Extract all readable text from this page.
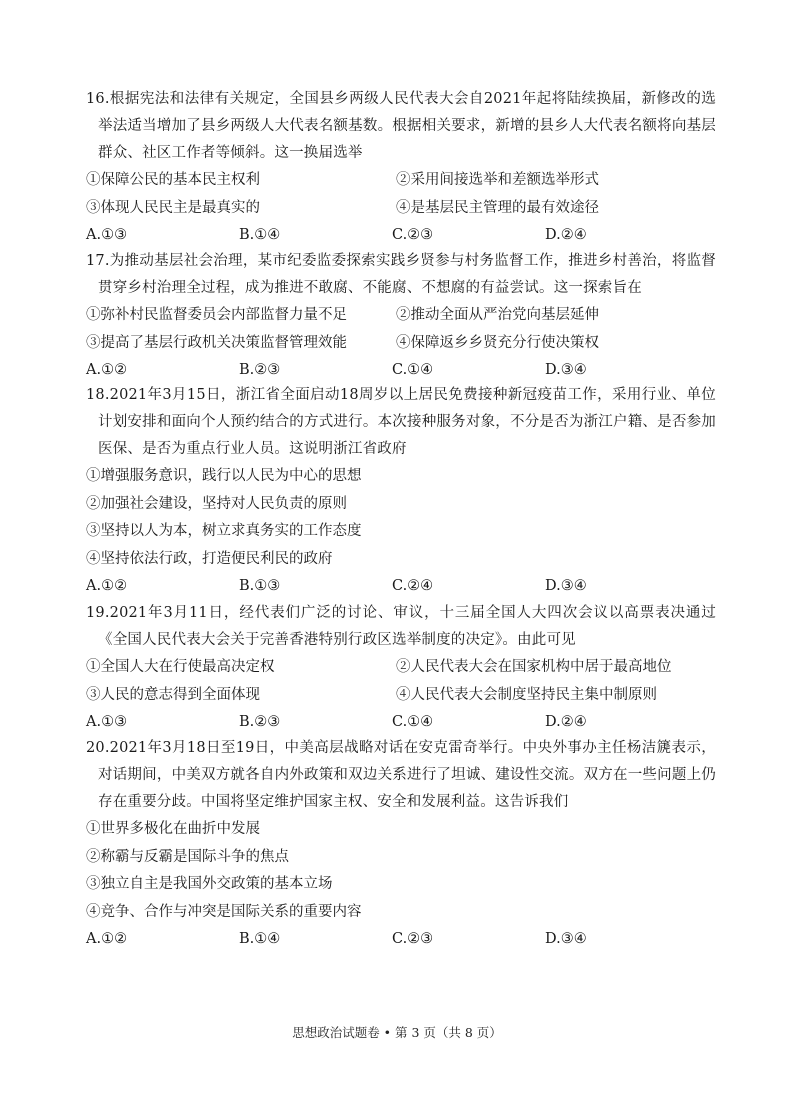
16.根据宪法和法律有关规定，全国县乡两级人民代表大会自2021年起将陆续换届，新修改的选举法适当增加了县乡两级人大代表名额基数。根据相关要求，新增的县乡人大代表名额将向基层群众、社区工作者等倾斜。这一换届选举
①保障公民的基本民主权利	②采用间接选举和差额选举形式
③体现人民民主是最真实的	④是基层民主管理的最有效途径
A.①③	B.①④	C.②③	D.②④
17.为推动基层社会治理，某市纪委监委探索实践乡贤参与村务监督工作，推进乡村善治，将监督贯穿乡村治理全过程，成为推进不敢腐、不能腐、不想腐的有益尝试。这一探索旨在
①弥补村民监督委员会内部监督力量不足	②推动全面从严治党向基层延伸
③提高了基层行政机关决策监督管理效能	④保障返乡乡贤充分行使决策权
A.①②	B.②③	C.①④	D.③④
18.2021年3月15日，浙江省全面启动18周岁以上居民免费接种新冠疫苗工作，采用行业、单位计划安排和面向个人预约结合的方式进行。本次接种服务对象，不分是否为浙江户籍、是否参加医保、是否为重点行业人员。这说明浙江省政府
①增强服务意识，践行以人民为中心的思想
②加强社会建设，坚持对人民负责的原则
③坚持以人为本，树立求真务实的工作态度
④坚持依法行政，打造便民利民的政府
A.①②	B.①③	C.②④	D.③④
19.2021年3月11日，经代表们广泛的讨论、审议，十三届全国人大四次会议以高票表决通过《全国人民代表大会关于完善香港特别行政区选举制度的决定》。由此可见
①全国人大在行使最高决定权	②人民代表大会在国家机构中居于最高地位
③人民的意志得到全面体现	④人民代表大会制度坚持民主集中制原则
A.①③	B.②③	C.①④	D.②④
20.2021年3月18日至19日，中美高层战略对话在安克雷奇举行。中央外事办主任杨洁篪表示，对话期间，中美双方就各自内外政策和双边关系进行了坦诚、建设性交流。双方在一些问题上仍存在重要分歧。中国将坚定维护国家主权、安全和发展利益。这告诉我们
①世界多极化在曲折中发展
②称霸与反霸是国际斗争的焦点
③独立自主是我国外交政策的基本立场
④竞争、合作与冲突是国际关系的重要内容
A.①②	B.①④	C.②③	D.③④
思想政治试题卷 • 第 3 页（共 8 页）
